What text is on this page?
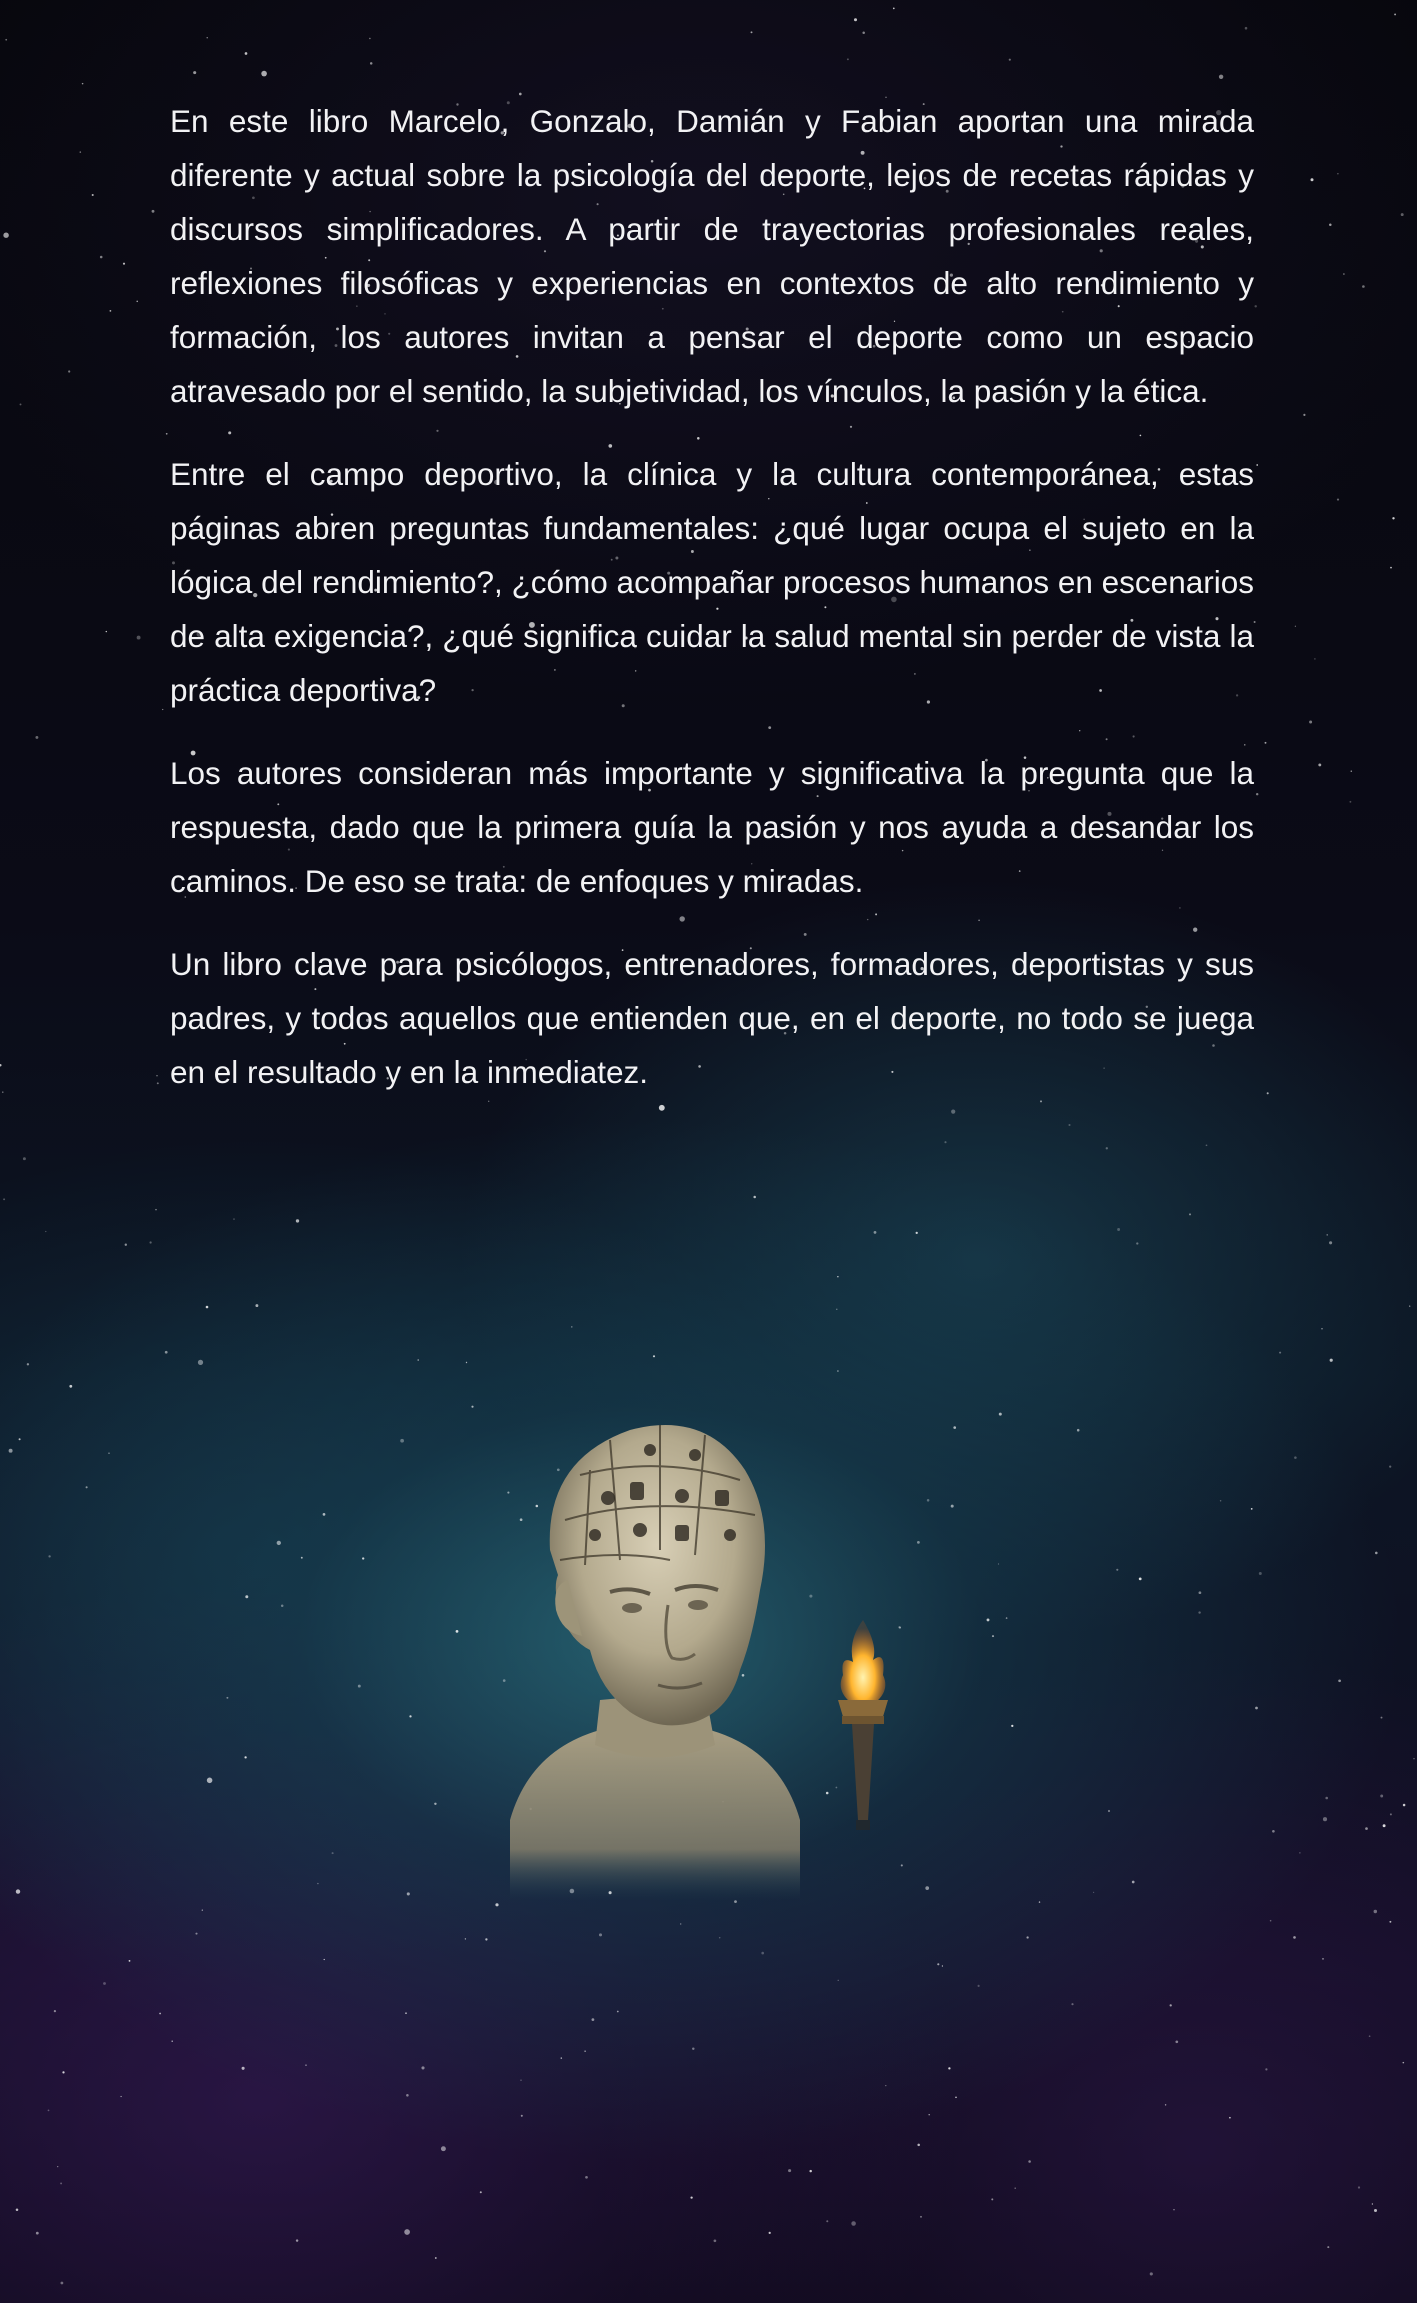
En este libro Marcelo, Gonzalo, Damián y Fabian aportan una mirada diferente y actual sobre la psicología del deporte, lejos de recetas rápidas y discursos simplificadores. A partir de trayectorias profesionales reales, reflexiones filosóficas y experiencias en contextos de alto rendimiento y formación, los autores invitan a pensar el deporte como un espacio atravesado por el sentido, la subjetividad, los vínculos, la pasión y la ética.

Entre el campo deportivo, la clínica y la cultura contemporánea, estas páginas abren preguntas fundamentales: ¿qué lugar ocupa el sujeto en la lógica del rendimiento?, ¿cómo acompañar procesos humanos en escenarios de alta exigencia?, ¿qué significa cuidar la salud mental sin perder de vista la práctica deportiva?

Los autores consideran más importante y significativa la pregunta que la respuesta, dado que la primera guía la pasión y nos ayuda a desandar los caminos. De eso se trata: de enfoques y miradas.

Un libro clave para psicólogos, entrenadores, formadores, deportistas y sus padres, y todos aquellos que entienden que, en el deporte, no todo se juega en el resultado y en la inmediatez.
